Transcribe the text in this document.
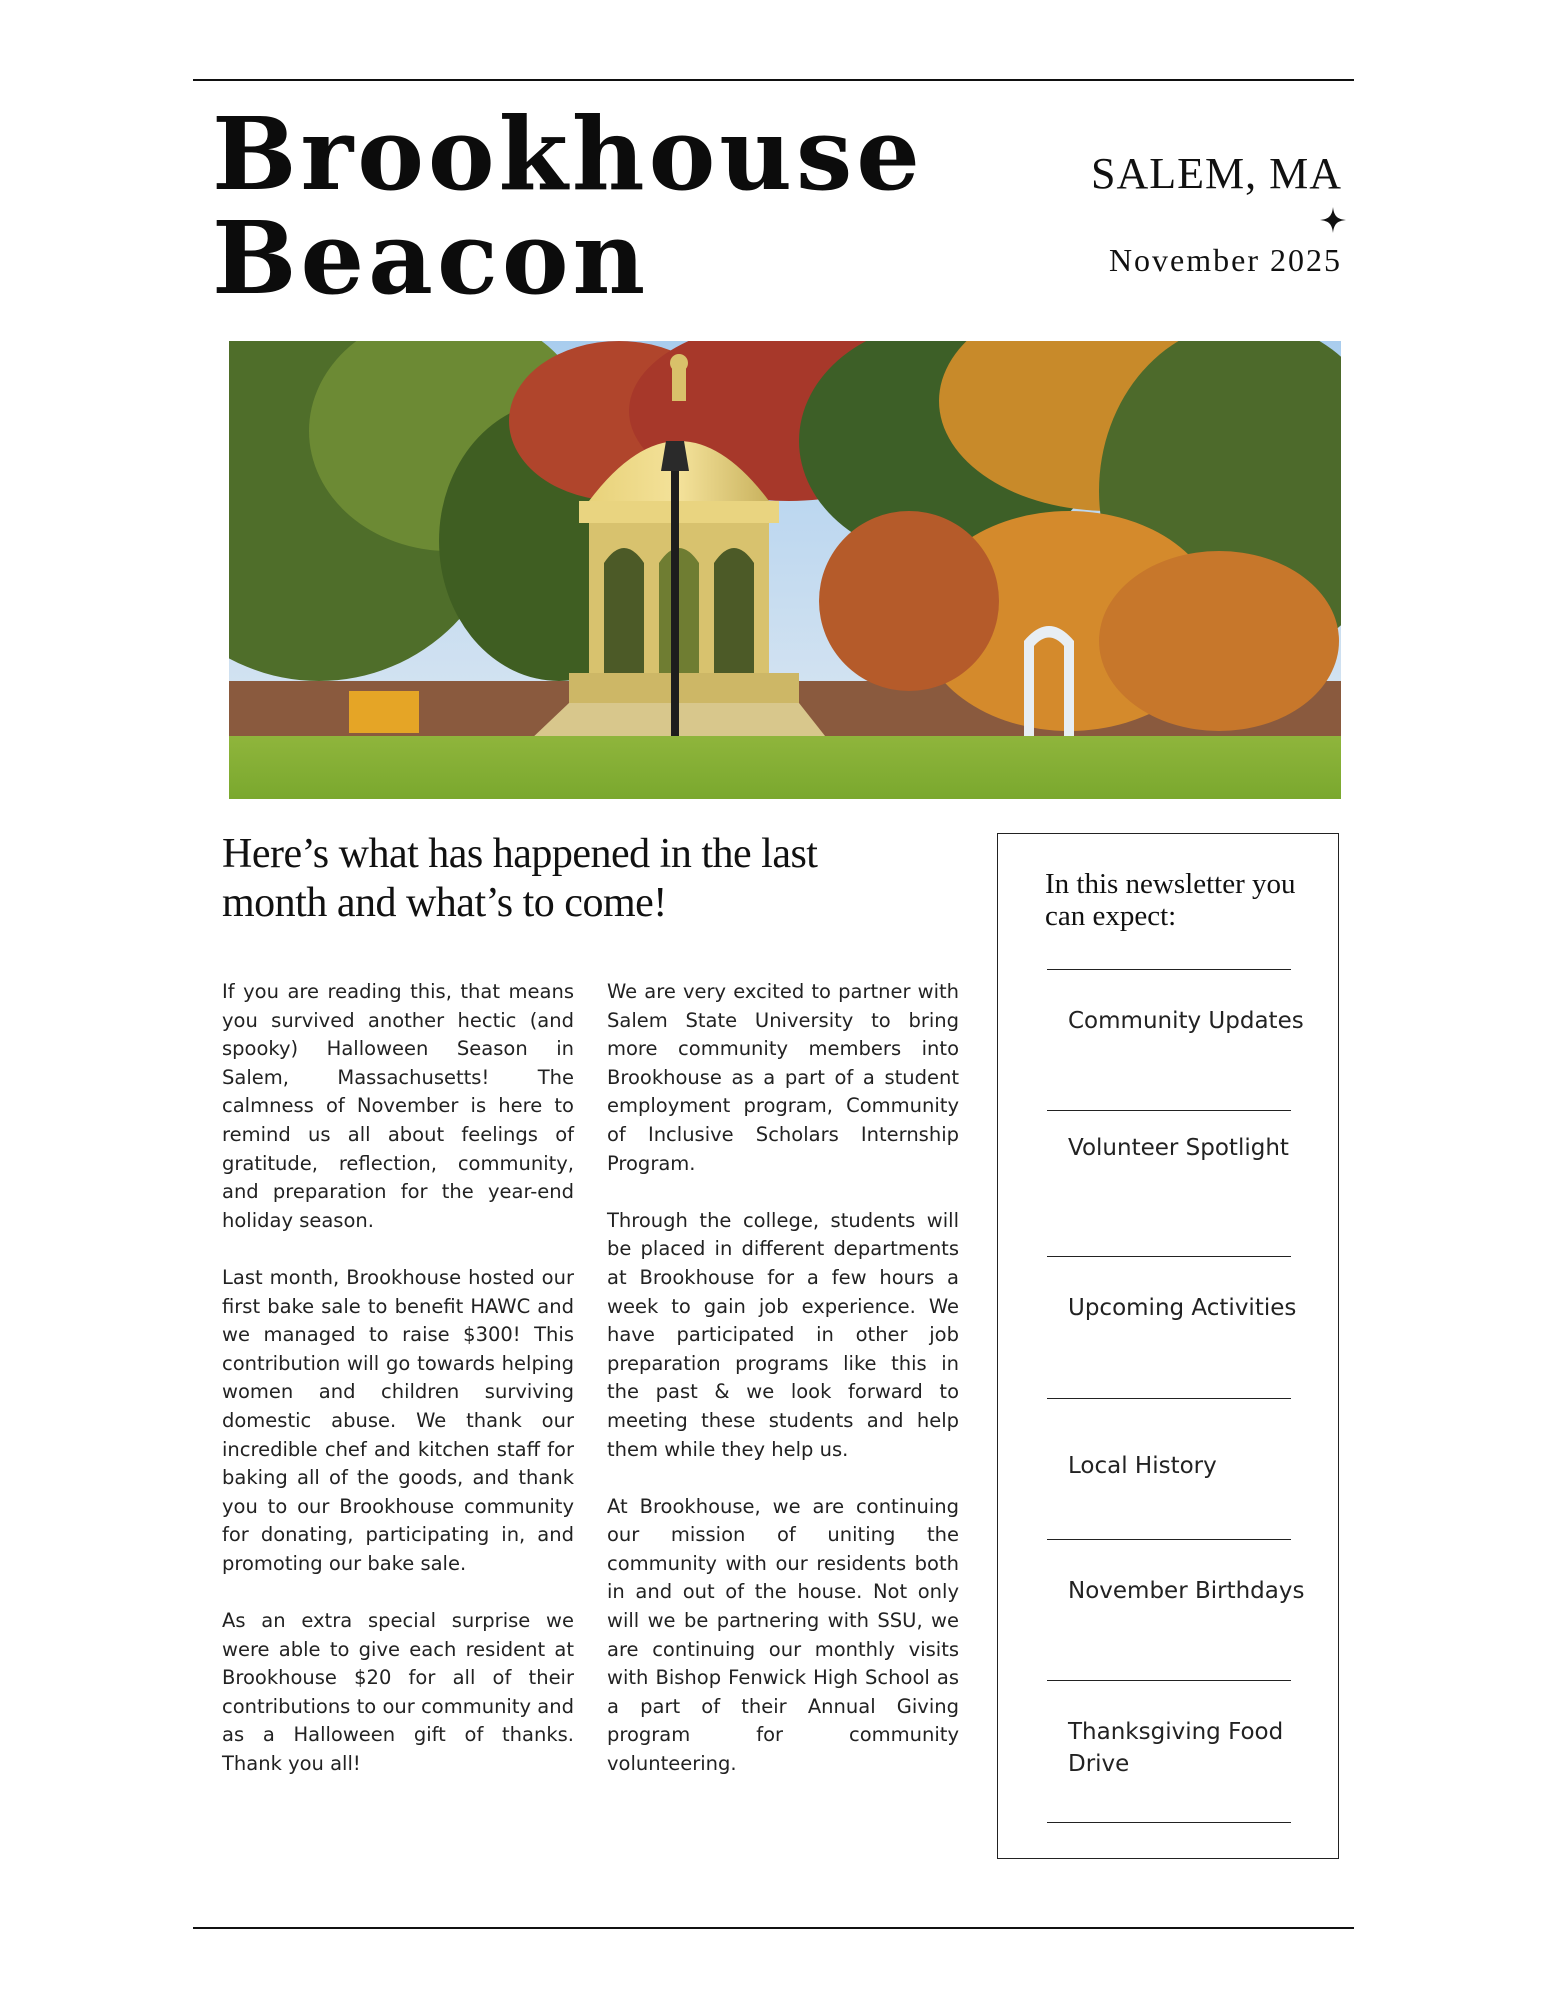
Brookhouse
Beacon
SALEM, MA
November 2025
Here’s what has happened in the last month and what’s to come!

If you are reading this, that means you survived another hectic (and spooky) Halloween Season in Salem, Massachusetts! The calmness of November is here to remind us all about feelings of gratitude, reflection, community, and preparation for the year-end holiday season.

Last month, Brookhouse hosted our first bake sale to benefit HAWC and we managed to raise $300! This contribution will go towards helping women and children surviving domestic abuse. We thank our incredible chef and kitchen staff for baking all of the goods, and thank you to our Brookhouse community for donating, participating in, and promoting our bake sale.

As an extra special surprise we were able to give each resident at Brookhouse $20 for all of their contributions to our community and as a Halloween gift of thanks. Thank you all!

We are very excited to partner with Salem State University to bring more community members into Brookhouse as a part of a student employment program, Community of Inclusive Scholars Internship Program.

Through the college, students will be placed in different departments at Brookhouse for a few hours a week to gain job experience. We have participated in other job preparation programs like this in the past & we look forward to meeting these students and help them while they help us.

At Brookhouse, we are continuing our mission of uniting the community with our residents both in and out of the house. Not only will we be partnering with SSU, we are continuing our monthly visits with Bishop Fenwick High School as a part of their Annual Giving program for community volunteering.

In this newsletter you can expect:
Community Updates
Volunteer Spotlight
Upcoming Activities
Local History
November Birthdays
Thanksgiving Food Drive
